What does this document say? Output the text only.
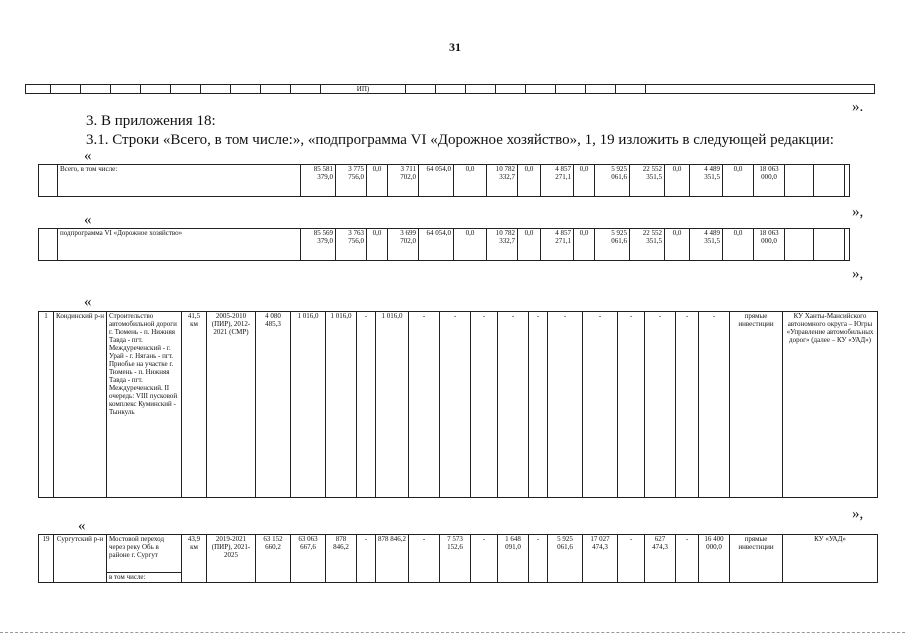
31
										ИП)									
».
3. В приложения 18:
3.1. Строки «Всего, в том числе:», «подпрограмма VI «Дорожное хозяйство», 1, 19 изложить в следующей редакции:
«
	Всего, в том числе:	85 581 379,0	3 775 756,0	0,0	3 711 702,0	64 054,0	0,0	10 782 332,7	0,0	4 857 271,1	0,0	5 925 061,6	22 552 351,5	0,0	4 489 351,5	0,0	18 063 000,0			
»,
«
	подпрограмма VI «Дорожное хозяйство»	85 569 379,0	3 763 756,0	0,0	3 699 702,0	64 054,0	0,0	10 782 332,7	0,0	4 857 271,1	0,0	5 925 061,6	22 552 351,5	0,0	4 489 351,5	0,0	18 063 000,0			
»,
«
1	Кондинский р-н	Строительство автомобильной дороги г. Тюмень - п. Нижняя Тавда - пгт. Междуреченский - г. Урай - г. Нягань - пгт. Приобье на участке г. Тюмень - п. Нижняя Тавда - пгт. Междуреченский. II очередь: VIII пусковой комплекс Куминский - Тынкуль	41,5 км	2005-2010 (ПИР), 2012-2021 (СМР)	4 080 485,3	1 016,0	1 016,0	-	1 016,0	-	-	-	-	-	-	-	-	-	-	-	прямые инвестиции	КУ Ханты-Мансийского автономного округа – Югры «Управление автомобильных дорог» (далее – КУ «УАД»)
»,
«
19	Сургутский р-н	Мостовой переход через реку Обь в районе г. Сургут	43,9 км	2019-2021 (ПИР), 2021-2025	63 152 660,2	63 063 667,6	878 846,2	-	878 846,2	-	7 573 152,6	-	1 648 091,0	-	5 925 061,6	17 027 474,3	-	627 474,3	-	16 400 000,0	прямые инвестиции	КУ «УАД»
в том числе:
